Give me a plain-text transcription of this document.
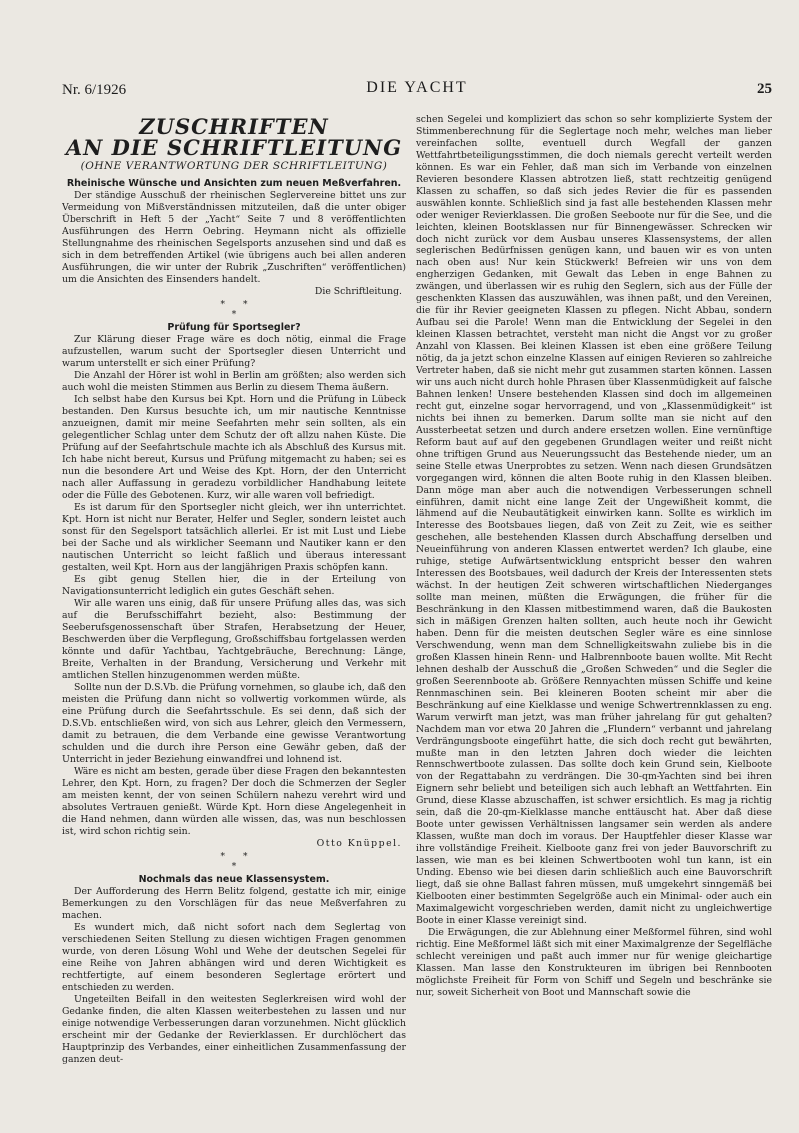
Nr. 6/1926	DIE YACHT	25
ZUSCHRIFTEN
AN DIE SCHRIFTLEITUNG
(OHNE VERANTWORTUNG DER SCHRIFTLEITUNG)
Rheinische Wünsche und Ansichten zum neuen Meßverfahren.

Der ständige Ausschuß der rheinischen Seglervereine bittet uns zur Vermeidung von Mißverständnissen mitzuteilen, daß die unter obiger Überschrift in Heft 5 der „Yacht“ Seite 7 und 8 veröffentlichten Ausführungen des Herrn Oebring. Heymann nicht als offizielle Stellungnahme des rheinischen Segelsports anzusehen sind und daß es sich in dem betreffenden Artikel (wie übrigens auch bei allen anderen Ausführungen, die wir unter der Rubrik „Zuschriften“ veröffentlichen) um die Ansichten des Einsenders handelt.

Die Schriftleitung.
*  *
*
Prüfung für Sportsegler?

Zur Klärung dieser Frage wäre es doch nötig, einmal die Frage aufzustellen, warum sucht der Sportsegler diesen Unterricht und warum unterstellt er sich einer Prüfung?

Die Anzahl der Hörer ist wohl in Berlin am größten; also werden sich auch wohl die meisten Stimmen aus Berlin zu diesem Thema äußern.

Ich selbst habe den Kursus bei Kpt. Horn und die Prüfung in Lübeck bestanden. Den Kursus besuchte ich, um mir nautische Kenntnisse anzueignen, damit mir meine Seefahrten mehr sein sollten, als ein gelegentlicher Schlag unter dem Schutz der oft allzu nahen Küste. Die Prüfung auf der Seefahrtschule machte ich als Abschluß des Kursus mit. Ich habe nicht bereut, Kursus und Prüfung mitgemacht zu haben; sei es nun die besondere Art und Weise des Kpt. Horn, der den Unterricht nach aller Auffassung in geradezu vorbildlicher Handhabung leitete oder die Fülle des Gebotenen. Kurz, wir alle waren voll befriedigt.

Es ist darum für den Sportsegler nicht gleich, wer ihn unterrichtet. Kpt. Horn ist nicht nur Berater, Helfer und Segler, sondern leistet auch sonst für den Segelsport tatsächlich allerlei. Er ist mit Lust und Liebe bei der Sache und als wirklicher Seemann und Nautiker kann er den nautischen Unterricht so leicht faßlich und überaus interessant gestalten, weil Kpt. Horn aus der langjährigen Praxis schöpfen kann.

Es gibt genug Stellen hier, die in der Erteilung von Navigationsunterricht lediglich ein gutes Geschäft sehen.

Wir alle waren uns einig, daß für unsere Prüfung alles das, was sich auf die Berufsschiffahrt bezieht, also: Bestimmung der Seeberufsgenossenschaft über Strafen, Herabsetzung der Heuer, Beschwerden über die Verpflegung, Großschiffsbau fortgelassen werden könnte und dafür Yachtbau, Yachtgebräuche, Berechnung: Länge, Breite, Verhalten in der Brandung, Versicherung und Verkehr mit amtlichen Stellen hinzugenommen werden müßte.

Sollte nun der D.S.Vb. die Prüfung vornehmen, so glaube ich, daß den meisten die Prüfung dann nicht so vollwertig vorkommen würde, als eine Prüfung durch die Seefahrtsschule. Es sei denn, daß sich der D.S.Vb. entschließen wird, von sich aus Lehrer, gleich den Vermessern, damit zu betrauen, die dem Verbande eine gewisse Verantwortung schulden und die durch ihre Person eine Gewähr geben, daß der Unterricht in jeder Beziehung einwandfrei und lohnend ist.

Wäre es nicht am besten, gerade über diese Fragen den bekanntesten Lehrer, den Kpt. Horn, zu fragen? Der doch die Schmerzen der Segler am meisten kennt, der von seinen Schülern nahezu verehrt wird und absolutes Vertrauen genießt. Würde Kpt. Horn diese Angelegenheit in die Hand nehmen, dann würden alle wissen, das, was nun beschlossen ist, wird schon richtig sein.

Otto Knüppel.
*  *
*
Nochmals das neue Klassensystem.

Der Aufforderung des Herrn Belitz folgend, gestatte ich mir, einige Bemerkungen zu den Vorschlägen für das neue Meßverfahren zu machen.

Es wundert mich, daß nicht sofort nach dem Seglertag von verschiedenen Seiten Stellung zu diesen wichtigen Fragen genommen wurde, von deren Lösung Wohl und Wehe der deutschen Segelei für eine Reihe von Jahren abhängen wird und deren Wichtigkeit es rechtfertigte, auf einem besonderen Seglertage erörtert und entschieden zu werden.

Ungeteilten Beifall in den weitesten Seglerkreisen wird wohl der Gedanke finden, die alten Klassen weiterbestehen zu lassen und nur einige notwendige Verbesserungen daran vorzunehmen. Nicht glücklich erscheint mir der Gedanke der Revierklassen. Er durchlöchert das Hauptprinzip des Verbandes, einer einheitlichen Zusammenfassung der ganzen deut-

schen Segelei und kompliziert das schon so sehr komplizierte System der Stimmenberechnung für die Seglertage noch mehr, welches man lieber vereinfachen sollte, eventuell durch Wegfall der ganzen Wettfahrtbeteiligungsstimmen, die doch niemals gerecht verteilt werden können. Es war ein Fehler, daß man sich im Verbande von einzelnen Revieren besondere Klassen abtrotzen ließ, statt rechtzeitig genügend Klassen zu schaffen, so daß sich jedes Revier die für es passenden auswählen konnte. Schließlich sind ja fast alle bestehenden Klassen mehr oder weniger Revierklassen. Die großen Seeboote nur für die See, und die leichten, kleinen Bootsklassen nur für Binnengewässer. Schrecken wir doch nicht zurück vor dem Ausbau unseres Klassensystems, der allen seglerischen Bedürfnissen genügen kann, und bauen wir es von unten nach oben aus! Nur kein Stückwerk! Befreien wir uns von dem engherzigen Gedanken, mit Gewalt das Leben in enge Bahnen zu zwängen, und überlassen wir es ruhig den Seglern, sich aus der Fülle der geschenkten Klassen das auszuwählen, was ihnen paßt, und den Vereinen, die für ihr Revier geeigneten Klassen zu pflegen. Nicht Abbau, sondern Aufbau sei die Parole! Wenn man die Entwicklung der Segelei in den kleinen Klassen betrachtet, versteht man nicht die Angst vor zu großer Anzahl von Klassen. Bei kleinen Klassen ist eben eine größere Teilung nötig, da ja jetzt schon einzelne Klassen auf einigen Revieren so zahlreiche Vertreter haben, daß sie nicht mehr gut zusammen starten können. Lassen wir uns auch nicht durch hohle Phrasen über Klassenmüdigkeit auf falsche Bahnen lenken! Unsere bestehenden Klassen sind doch im allgemeinen recht gut, einzelne sogar hervorragend, und von „Klassenmüdigkeit“ ist nichts bei ihnen zu bemerken. Darum sollte man sie nicht auf den Aussterbeetat setzen und durch andere ersetzen wollen. Eine vernünftige Reform baut auf auf den gegebenen Grundlagen weiter und reißt nicht ohne triftigen Grund aus Neuerungssucht das Bestehende nieder, um an seine Stelle etwas Unerprobtes zu setzen. Wenn nach diesen Grundsätzen vorgegangen wird, können die alten Boote ruhig in den Klassen bleiben. Dann möge man aber auch die notwendigen Verbesserungen schnell einführen, damit nicht eine lange Zeit der Ungewißheit kommt, die lähmend auf die Neubautätigkeit einwirken kann. Sollte es wirklich im Interesse des Bootsbaues liegen, daß von Zeit zu Zeit, wie es seither geschehen, alle bestehenden Klassen durch Abschaffung derselben und Neueinführung von anderen Klassen entwertet werden? Ich glaube, eine ruhige, stetige Aufwärtsentwicklung entspricht besser den wahren Interessen des Bootsbaues, weil dadurch der Kreis der Interessenten stets wächst. In der heutigen Zeit schweren wirtschaftlichen Niederganges sollte man meinen, müßten die Erwägungen, die früher für die Beschränkung in den Klassen mitbestimmend waren, daß die Baukosten sich in mäßigen Grenzen halten sollten, auch heute noch ihr Gewicht haben. Denn für die meisten deutschen Segler wäre es eine sinnlose Verschwendung, wenn man dem Schnelligkeitswahn zuliebe bis in die großen Klassen hinein Renn- und Halbrennboote bauen wollte. Mit Recht lehnen deshalb der Ausschuß die „Großen Schweden“ und die Segler die großen Seerennboote ab. Größere Rennyachten müssen Schiffe und keine Rennmaschinen sein. Bei kleineren Booten scheint mir aber die Beschränkung auf eine Kielklasse und wenige Schwertrennklassen zu eng. Warum verwirft man jetzt, was man früher jahrelang für gut gehalten? Nachdem man vor etwa 20 Jahren die „Flundern“ verbannt und jahrelang Verdrängungsboote eingeführt hatte, die sich doch recht gut bewährten, mußte man in den letzten Jahren doch wieder die leichten Rennschwertboote zulassen. Das sollte doch kein Grund sein, Kielboote von der Regattabahn zu verdrängen. Die 30-qm-Yachten sind bei ihren Eignern sehr beliebt und beteiligen sich auch lebhaft an Wettfahrten. Ein Grund, diese Klasse abzuschaffen, ist schwer ersichtlich. Es mag ja richtig sein, daß die 20-qm-Kielklasse manche enttäuscht hat. Aber daß diese Boote unter gewissen Verhältnissen langsamer sein werden als andere Klassen, wußte man doch im voraus. Der Hauptfehler dieser Klasse war ihre vollständige Freiheit. Kielboote ganz frei von jeder Bauvorschrift zu lassen, wie man es bei kleinen Schwertbooten wohl tun kann, ist ein Unding. Ebenso wie bei diesen darin schließlich auch eine Bauvorschrift liegt, daß sie ohne Ballast fahren müssen, muß umgekehrt sinngemäß bei Kielbooten einer bestimmten Segelgröße auch ein Minimal- oder auch ein Maximalgewicht vorgeschrieben werden, damit nicht zu ungleichwertige Boote in einer Klasse vereinigt sind.

Die Erwägungen, die zur Ablehnung einer Meßformel führen, sind wohl richtig. Eine Meßformel läßt sich mit einer Maximalgrenze der Segelfläche schlecht vereinigen und paßt auch immer nur für wenige gleichartige Klassen. Man lasse den Konstrukteuren im übrigen bei Rennbooten möglichste Freiheit für Form von Schiff und Segeln und beschränke sie nur, soweit Sicherheit von Boot und Mannschaft sowie die
